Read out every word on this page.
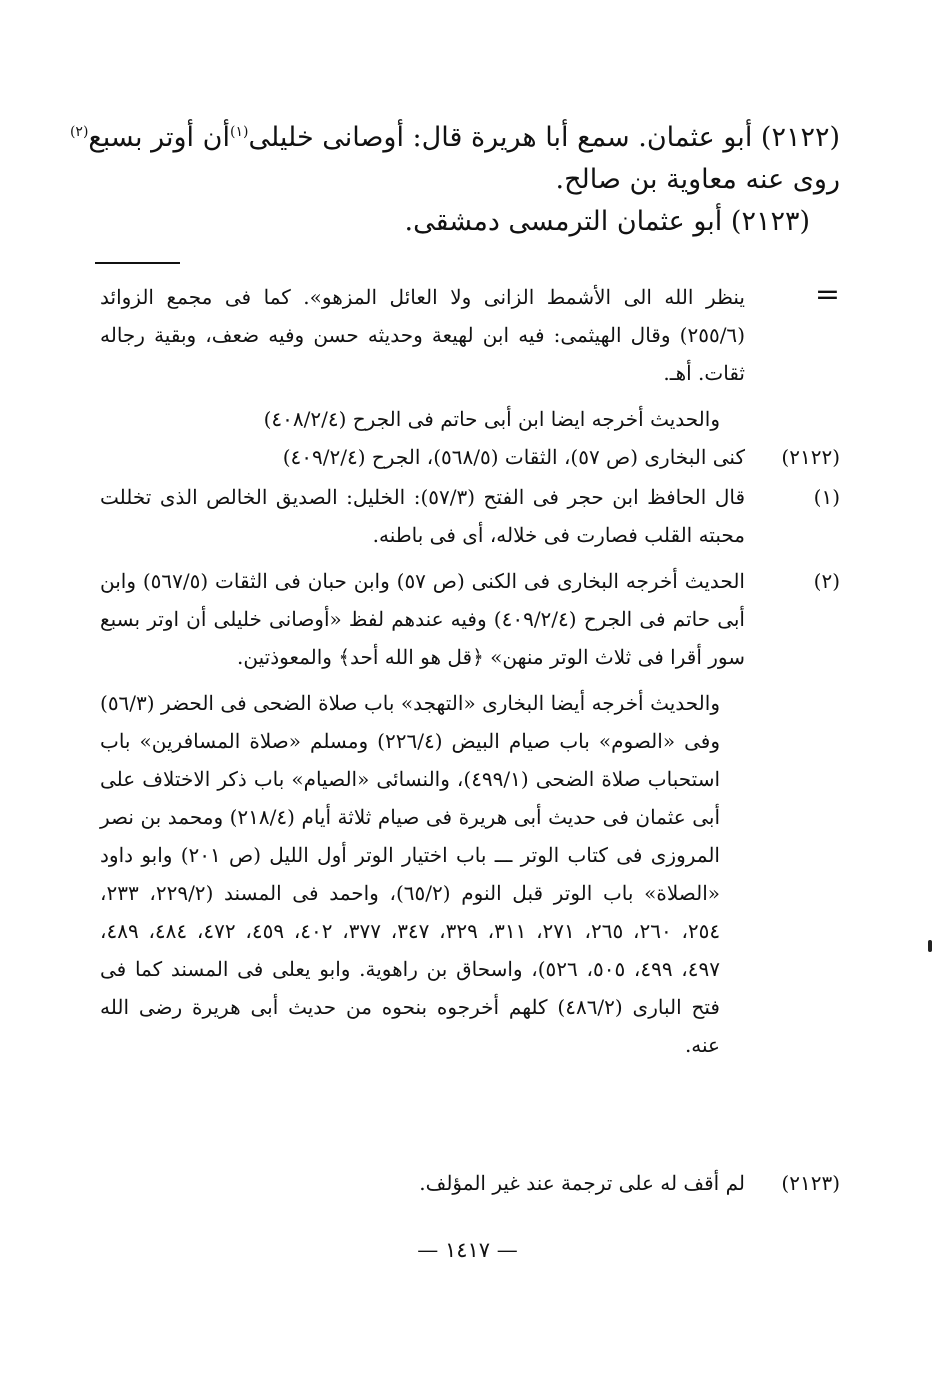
(٢١٢٢) أبو عثمان. سمع أبا هريرة قال: أوصانى خليلى$^{(١)}$أن أوتر بسبع$^{(٢)}$
روى عنه معاوية بن صالح.
(٢١٢٣) أبو عثمان الترمسى دمشقى.
=

ينظر الله الى الأشمط الزانى ولا العائل المزهو». كما فى مجمع الزوائد (٢٥٥/٦) وقال الهيثمى: فيه ابن لهيعة وحديثه حسن وفيه ضعف، وبقية رجاله ثقات. أهـ.

والحديث أخرجه ايضا ابن أبى حاتم فى الجرح (٤٠٨/٢/٤)

(٢١٢٢)

كنى البخارى (ص ٥٧)، الثقات (٥٦٨/٥)، الجرح (٤٠٩/٢/٤)

(١)

قال الحافظ ابن حجر فى الفتح (٥٧/٣): الخليل: الصديق الخالص الذى تخللت محبته القلب فصارت فى خلاله، أى فى باطنه.

(٢)

الحديث أخرجه البخارى فى الكنى (ص ٥٧) وابن حبان فى الثقات (٥٦٧/٥) وابن أبى حاتم فى الجرح (٤٠٩/٢/٤) وفيه عندهم لفظ «أوصانى خليلى أن اوتر بسبع سور أقرا فى ثلاث الوتر منهن» ﴿قل هو الله أحد﴾ والمعوذتين.

والحديث أخرجه أيضا البخارى «التهجد» باب صلاة الضحى فى الحضر (٥٦/٣) وفى «الصوم» باب صيام البيض (٢٢٦/٤) ومسلم «صلاة المسافرين» باب استحباب صلاة الضحى (٤٩٩/١)، والنسائى «الصيام» باب ذكر الاختلاف على أبى عثمان فى حديث أبى هريرة فى صيام ثلاثة أيام (٢١٨/٤) ومحمد بن نصر المروزى فى كتاب الوتر ـــ باب اختيار الوتر أول الليل (ص ٢٠١) وابو داود «الصلاة» باب الوتر قبل النوم (٦٥/٢)، واحمد فى المسند (٢٢٩/٢، ٢٣٣، ٢٥٤، ٢٦٠، ٢٦٥، ٢٧١، ٣١١، ٣٢٩، ٣٤٧، ٣٧٧، ٤٠٢، ٤٥٩، ٤٧٢، ٤٨٤، ٤٨٩، ٤٩٧، ٤٩٩، ٥٠٥، ٥٢٦)، واسحاق بن راهوية. وابو يعلى فى المسند كما فى فتح البارى (٤٨٦/٢) كلهم أخرجوه بنحوه من حديث أبى هريرة رضى الله عنه.

(٢١٢٣)

لم أقف له على ترجمة عند غير المؤلف.

— ١٤١٧ —
